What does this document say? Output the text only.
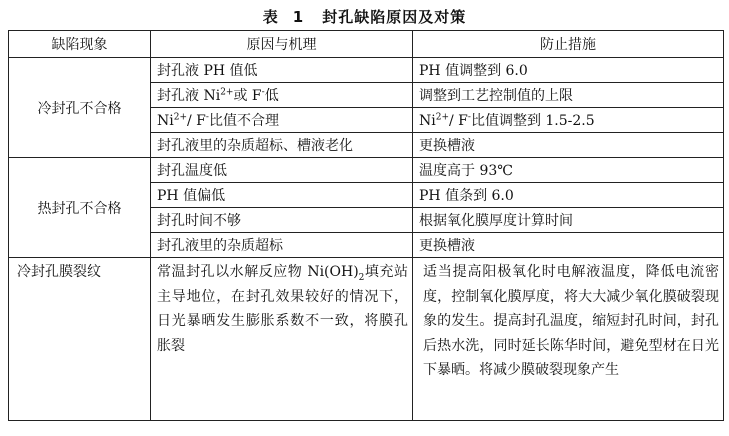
表 1 封孔缺陷原因及对策
缺陷现象	原因与机理	防止措施
冷封孔不合格	封孔液 PH 值低	PH 值调整到 6.0
	封孔液 $Ni^{2+}$或 F-低	调整到工艺控制值的上限
	$Ni^{2+}/$ F-比值不合理	$Ni^{2+}/$ F-比值调整到 1.5-2.5
	封孔液里的杂质超标、槽液老化	更换槽液
热封孔不合格	封孔温度低	温度高于 93℃
	PH 值偏低	PH 值条到 6.0
	封孔时间不够	根据氧化膜厚度计算时间
	封孔液里的杂质超标	更换槽液
冷封孔膜裂纹	常温封孔以水解反应物 $Ni(OH)_2$填充站主导地位，在封孔效果较好的情况下，日光暴晒发生膨胀系数不一致，将膜孔胀裂	适当提高阳极氧化时电解液温度，降低电流密度，控制氧化膜厚度，将大大减少氧化膜破裂现象的发生。提高封孔温度，缩短封孔时间，封孔后热水洗，同时延长陈华时间，避免型材在日光下暴晒。将减少膜破裂现象产生
